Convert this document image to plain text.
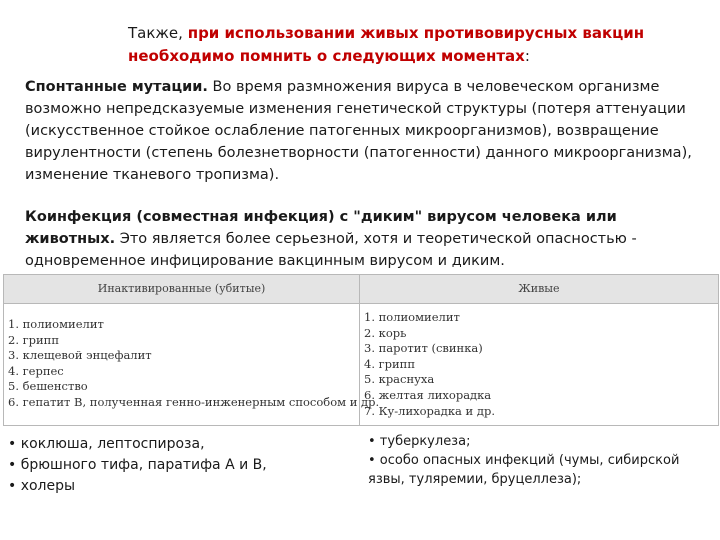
Также, при использовании живых противовирусных вакцин необходимо помнить о следующих моментах:
Спонтанные мутации. Во время размножения вируса в человеческом организме возможно непредсказуемые изменения генетической структуры (потеря аттенуации (искусственное стойкое ослабление патогенных микроорганизмов), возвращение вирулентности (степень болезнетворности (патогенности) данного микроорганизма), изменение тканевого тропизма).
Коинфекция (совместная инфекция) с "диким" вирусом человека или животных. Это является более серьезной, хотя и теоретической опасностью - одновременное инфицирование вакцинным вирусом и диким.
Инактивированные (убитые)	Живые
1. полиомиелит
2. грипп
3. клещевой энцефалит
4. герпес
5. бешенство
6. гепатит В, полученная генно-инженерным способом и др.
1. полиомиелит
2. корь
3. паротит (свинка)
4. грипп
5. краснуха
6. желтая лихорадка
7. Ку-лихорадка и др.
• коклюша, лептоспироза,
• брюшного тифа, паратифа А и В,
• холеры
• туберкулеза;
• особо опасных инфекций (чумы, сибирской язвы, туляремии, бруцеллеза);
